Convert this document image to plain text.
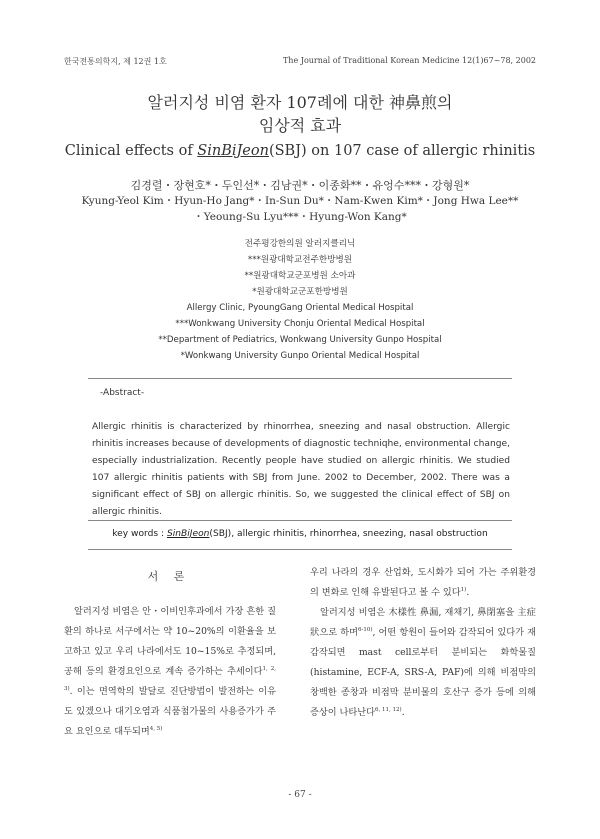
한국전통의학지, 제 12권 1호	The Journal of Traditional Korean Medicine 12(1)67~78, 2002
알러지성 비염 환자 107례에 대한 神鼻煎의
임상적 효과
Clinical effects of SinBiJeon(SBJ) on 107 case of allergic rhinitis
김경렬・장현호*・두인선*・김남권*・이종화**・유엉수***・강형원*
Kyung-Yeol Kim・Hyun-Ho Jang*・In-Sun Du*・Nam-Kwen Kim*・Jong Hwa Lee**
・Yeoung-Su Lyu***・Hyung-Won Kang*
전주평강한의원 알러지클리닉
***원광대학교전주한방병원
**원광대학교군포병원 소아과
*원광대학교군포한방병원
Allergy Clinic, PyoungGang Oriental Medical Hospital
***Wonkwang University Chonju Oriental Medical Hospital
**Department of Pediatrics, Wonkwang University Gunpo Hospital
*Wonkwang University Gunpo Oriental Medical Hospital
-Abstract-
Allergic rhinitis is characterized by rhinorrhea, sneezing and nasal obstruction. Allergic rhinitis increases because of developments of diagnostic techniqhe, environmental change, especially industrialization. Recently people have studied on allergic rhinitis. We studied 107 allergic rhinitis patients with SBJ from June. 2002 to December, 2002. There was a significant effect of SBJ on allergic rhinitis. So, we suggested the clinical effect of SBJ on allergic rhinitis.
key words : SinBiJeon(SBJ), allergic rhinitis, rhinorrhea, sneezing, nasal obstruction
서 론

알러지성 비염은 안・이비인후과에서 가장 흔한 질환의 하나로 서구에서는 약 10~20%의 이환율을 보고하고 있고 우리 나라에서도 10~15%로 추정되며, 공해 등의 환경요인으로 계속 증가하는 추세이다$^{1, 2, 3)}$. 이는 면역학의 발달로 진단방법이 발전하는 이유도 있겠으나 대기오염과 식품첨가물의 사용증가가 주요 요인으로 대두되며$^{4, 5)}$

우리 나라의 경우 산업화, 도시화가 되어 가는 주위환경의 변화로 인해 유발된다고 볼 수 있다$^{1)}$.

알러지성 비염은 木樣性 鼻漏, 재채기, 鼻閉塞을 主症狀으로 하며$^{6-10)}$, 어떤 항원이 들어와 감작되어 있다가 재감작되면 mast cell로부터 분비되는 화학물질(histamine, ECF-A, SRS-A, PAF)에 의해 비점막의 창백한 종창과 비점막 분비물의 호산구 증가 등에 의해 증상이 나타난다$^{6, 11, 12)}$.

- 67 -
